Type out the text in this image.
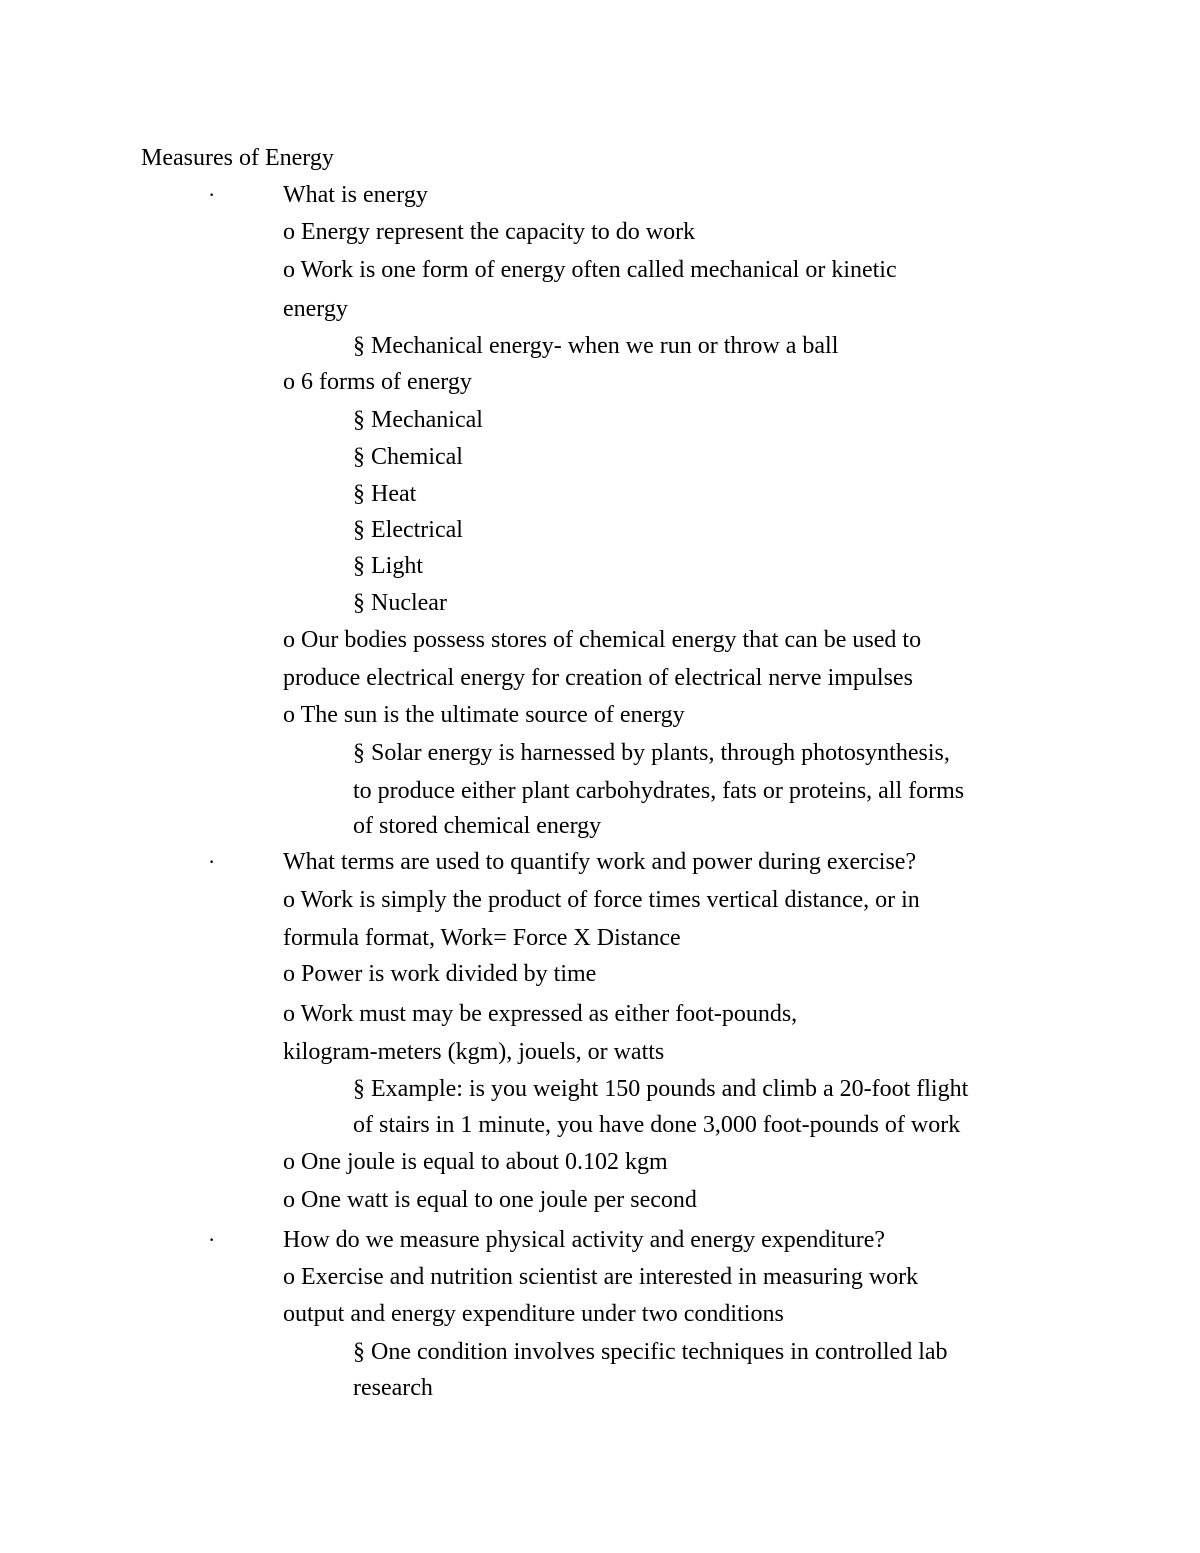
Measures of Energy
·	What is energy
o Energy represent the capacity to do work
o Work is one form of energy often called mechanical or kinetic
energy
§ Mechanical energy- when we run or throw a ball
o 6 forms of energy
§ Mechanical
§ Chemical
§ Heat
§ Electrical
§ Light
§ Nuclear
o Our bodies possess stores of chemical energy that can be used to
produce electrical energy for creation of electrical nerve impulses
o The sun is the ultimate source of energy
§ Solar energy is harnessed by plants, through photosynthesis,
to produce either plant carbohydrates, fats or proteins, all forms
of stored chemical energy
·	What terms are used to quantify work and power during exercise?
o Work is simply the product of force times vertical distance, or in
formula format, Work= Force X Distance
o Power is work divided by time
o Work must may be expressed as either foot-pounds,
kilogram-meters (kgm), jouels, or watts
§ Example: is you weight 150 pounds and climb a 20-foot flight
of stairs in 1 minute, you have done 3,000 foot-pounds of work
o One joule is equal to about 0.102 kgm
o One watt is equal to one joule per second
·	How do we measure physical activity and energy expenditure?
o Exercise and nutrition scientist are interested in measuring work
output and energy expenditure under two conditions
§ One condition involves specific techniques in controlled lab
research
